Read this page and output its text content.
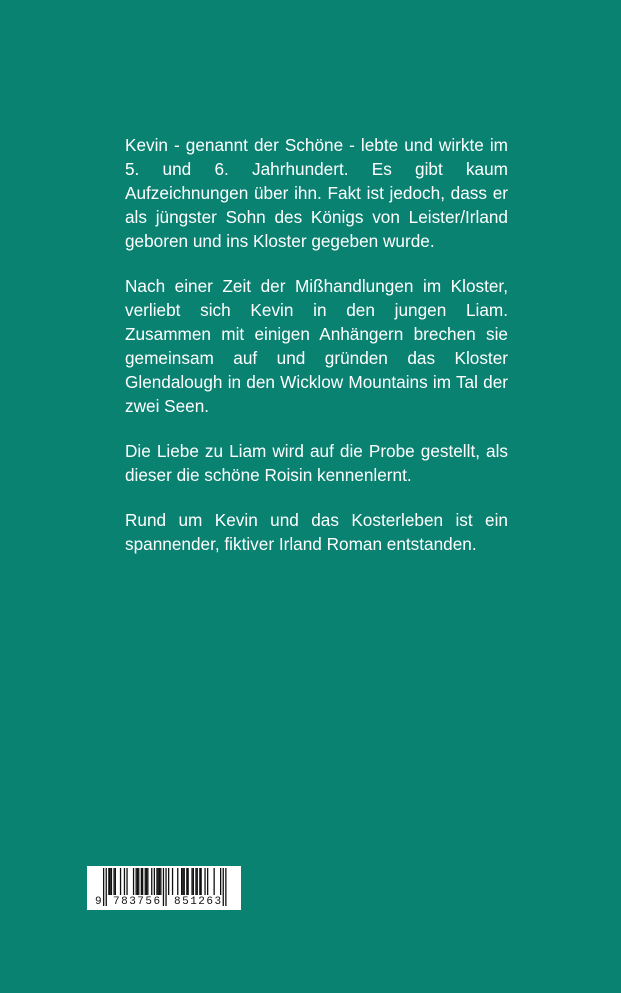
Kevin - genannt der Schöne - lebte und wirkte im 5. und 6. Jahrhundert. Es gibt kaum Aufzeichnungen über ihn. Fakt ist jedoch, dass er als jüngster Sohn des Königs von Leister/Irland geboren und ins Kloster gegeben wurde.

Nach einer Zeit der Mißhandlungen im Kloster, verliebt sich Kevin in den jungen Liam. Zusammen mit einigen Anhängern brechen sie gemeinsam auf und gründen das Kloster Glendalough in den Wicklow Mountains im Tal der zwei Seen.

Die Liebe zu Liam wird auf die Probe gestellt, als dieser die schöne Roisin kennenlernt.

Rund um Kevin und das Kosterleben ist ein spannender, fiktiver Irland Roman entstanden.

9 783756 851263
